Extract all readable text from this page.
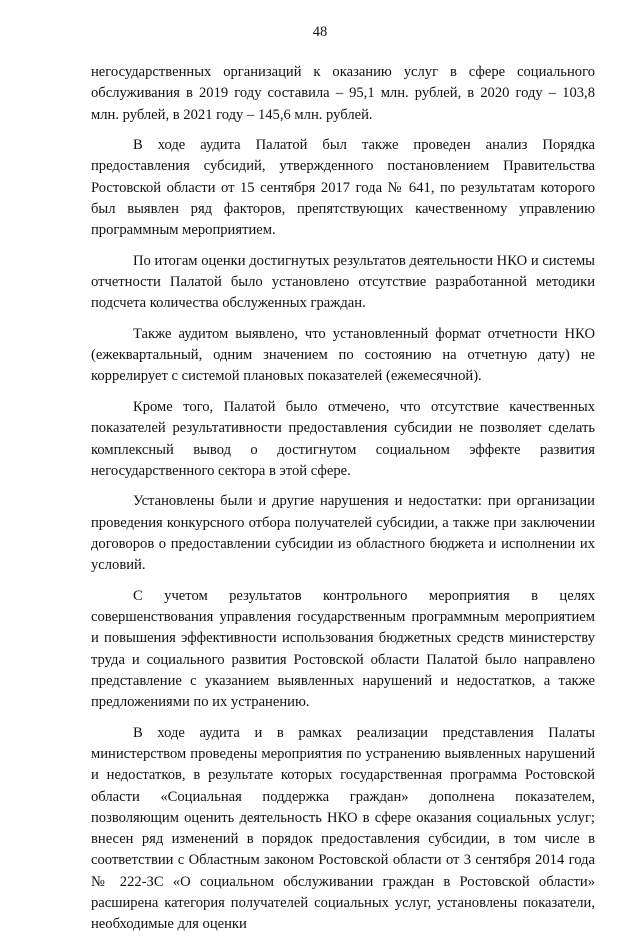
48

негосударственных организаций к оказанию услуг в сфере социального обслуживания в 2019 году составила – 95,1 млн. рублей, в 2020 году – 103,8 млн. рублей, в 2021 году – 145,6 млн. рублей.

В ходе аудита Палатой был также проведен анализ Порядка предоставления субсидий, утвержденного постановлением Правительства Ростовской области от 15 сентября 2017 года № 641, по результатам которого был выявлен ряд факторов, препятствующих качественному управлению программным мероприятием.

По итогам оценки достигнутых результатов деятельности НКО и системы отчетности Палатой было установлено отсутствие разработанной методики подсчета количества обслуженных граждан.

Также аудитом выявлено, что установленный формат отчетности НКО (ежеквартальный, одним значением по состоянию на отчетную дату) не коррелирует с системой плановых показателей (ежемесячной).

Кроме того, Палатой было отмечено, что отсутствие качественных показателей результативности предоставления субсидии не позволяет сделать комплексный вывод о достигнутом социальном эффекте развития негосударственного сектора в этой сфере.

Установлены были и другие нарушения и недостатки: при организации проведения конкурсного отбора получателей субсидии, а также при заключении договоров о предоставлении субсидии из областного бюджета и исполнении их условий.

С учетом результатов контрольного мероприятия в целях совершенствования управления государственным программным мероприятием и повышения эффективности использования бюджетных средств министерству труда и социального развития Ростовской области Палатой было направлено представление с указанием выявленных нарушений и недостатков, а также предложениями по их устранению.

В ходе аудита и в рамках реализации представления Палаты министерством проведены мероприятия по устранению выявленных нарушений и недостатков, в результате которых государственная программа Ростовской области «Социальная поддержка граждан» дополнена показателем, позволяющим оценить деятельность НКО в сфере оказания социальных услуг; внесен ряд изменений в порядок предоставления субсидии, в том числе в соответствии с Областным законом Ростовской области от 3 сентября 2014 года № 222-ЗС «О социальном обслуживании граждан в Ростовской области» расширена категория получателей социальных услуг, установлены показатели, необходимые для оценки
